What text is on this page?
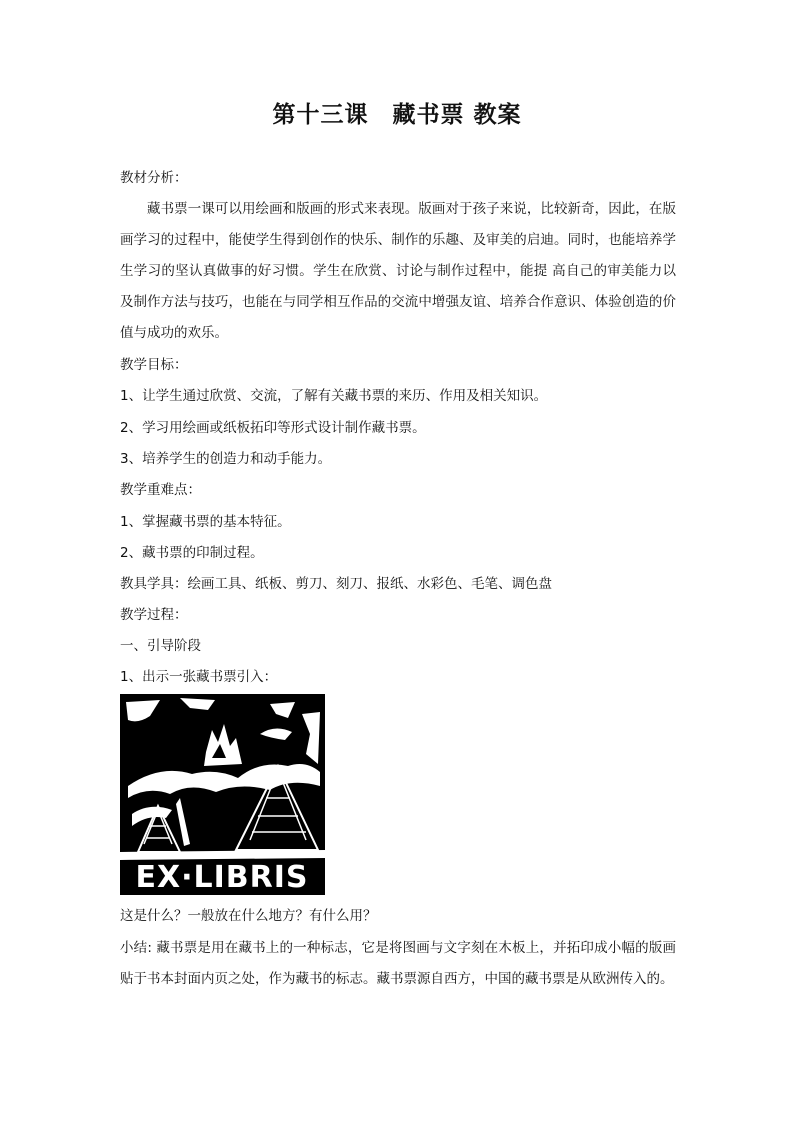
第十三课　藏书票 教案
教材分析：

藏书票一课可以用绘画和版画的形式来表现。版画对于孩子来说，比较新奇，因此，在版 画学习的过程中，能使学生得到创作的快乐、制作的乐趣、及审美的启迪。同时，也能培养学生学习的坚认真做事的好习惯。学生在欣赏、讨论与制作过程中，能提 高自己的审美能力以及制作方法与技巧，也能在与同学相互作品的交流中增强友谊、培养合作意识、体验创造的价值与成功的欢乐。

教学目标：
1、让学生通过欣赏、交流，了解有关藏书票的来历、作用及相关知识。
2、学习用绘画或纸板拓印等形式设计制作藏书票。
3、培养学生的创造力和动手能力。
教学重难点：
1、掌握藏书票的基本特征。
2、藏书票的印制过程。
教具学具：绘画工具、纸板、剪刀、刻刀、报纸、水彩色、毛笔、调色盘
教学过程：
一、引导阶段
1、出示一张藏书票引入：
EX·LIBRIS
这是什么？一般放在什么地方？有什么用？

小结: 藏书票是用在藏书上的一种标志，它是将图画与文字刻在木板上，并拓印成小幅的版画贴于书本封面内页之处，作为藏书的标志。藏书票源自西方，中国的藏书票是从欧洲传入的。
